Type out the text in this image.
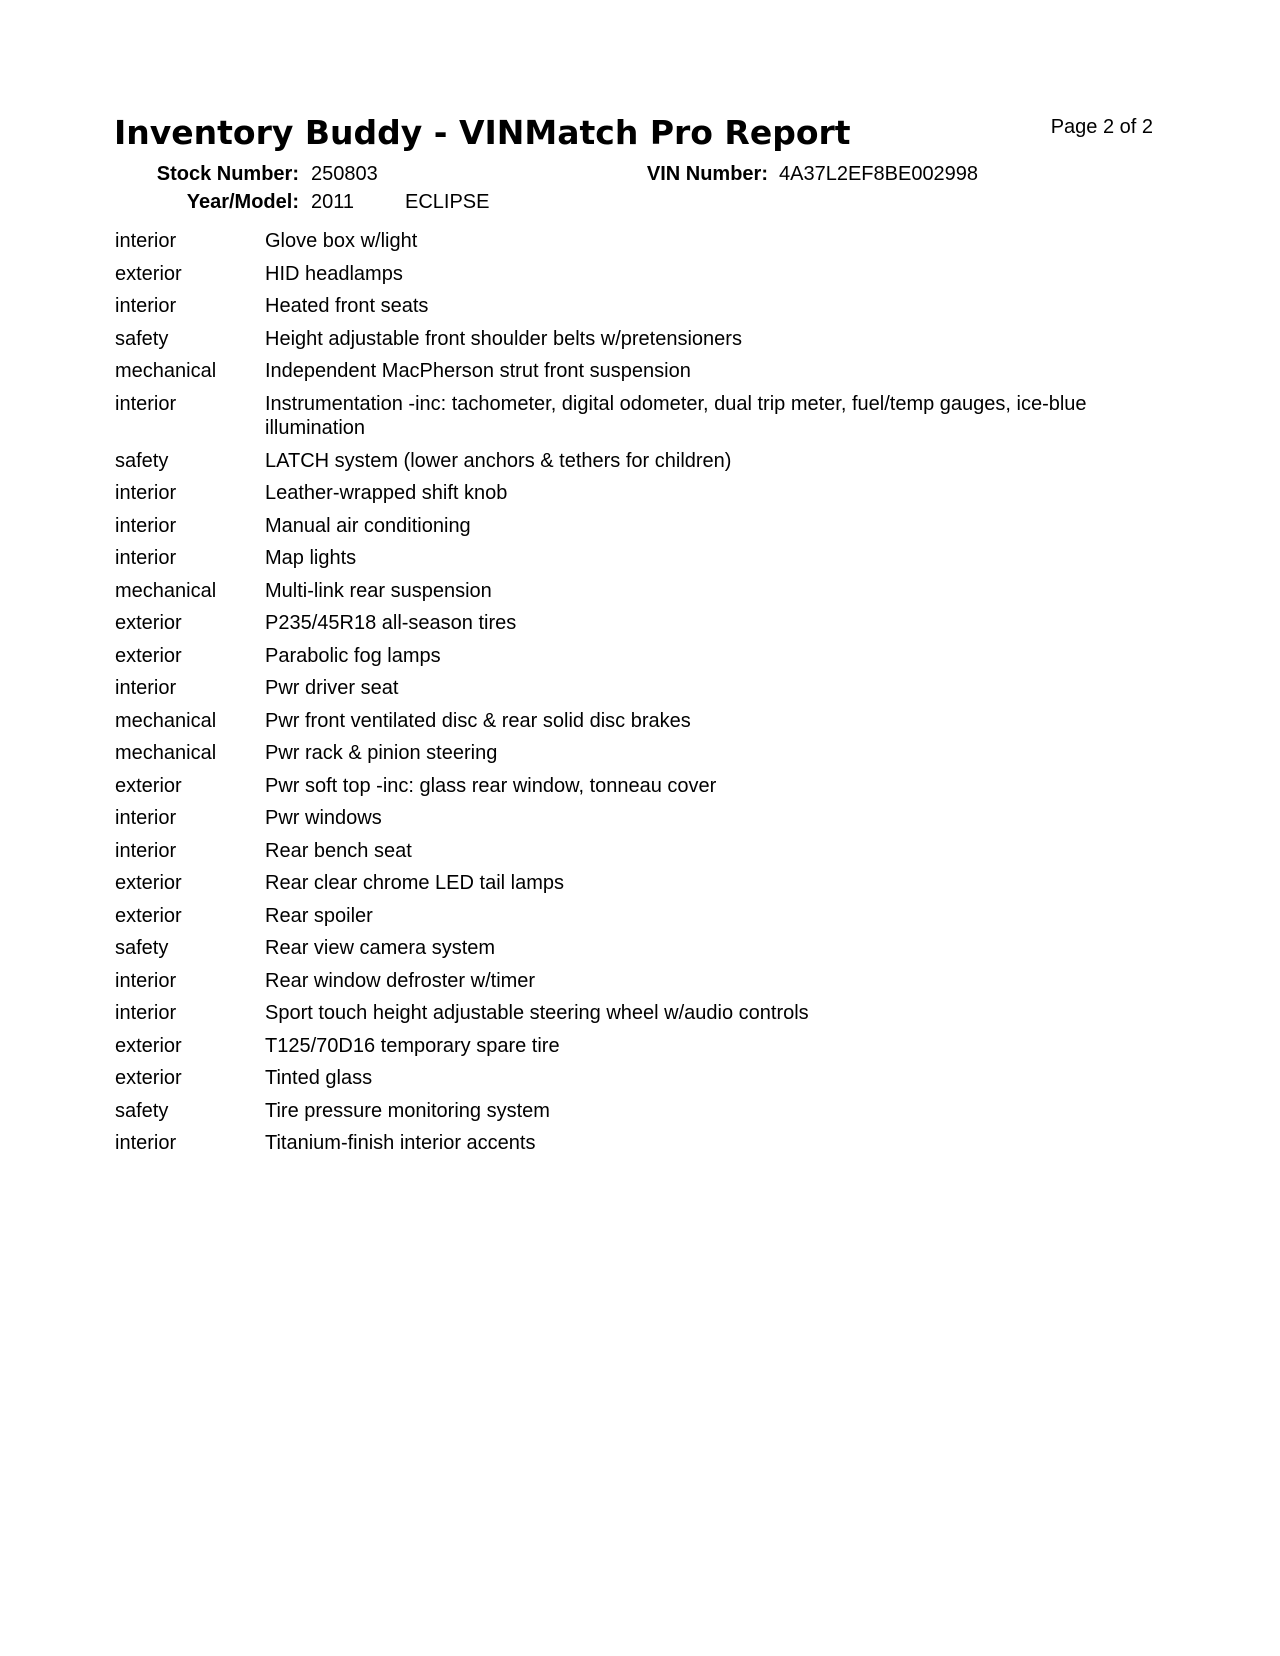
Inventory Buddy - VINMatch Pro Report	Page 2 of 2
Stock Number: 250803
Year/Model: 2011	ECLIPSE
VIN Number: 4A37L2EF8BE002998
interior	Glove box w/light
exterior	HID headlamps
interior	Heated front seats
safety	Height adjustable front shoulder belts w/pretensioners
mechanical	Independent MacPherson strut front suspension
interior	Instrumentation -inc: tachometer, digital odometer, dual trip meter, fuel/temp gauges, ice-blue illumination
safety	LATCH system (lower anchors & tethers for children)
interior	Leather-wrapped shift knob
interior	Manual air conditioning
interior	Map lights
mechanical	Multi-link rear suspension
exterior	P235/45R18 all-season tires
exterior	Parabolic fog lamps
interior	Pwr driver seat
mechanical	Pwr front ventilated disc & rear solid disc brakes
mechanical	Pwr rack & pinion steering
exterior	Pwr soft top -inc: glass rear window, tonneau cover
interior	Pwr windows
interior	Rear bench seat
exterior	Rear clear chrome LED tail lamps
exterior	Rear spoiler
safety	Rear view camera system
interior	Rear window defroster w/timer
interior	Sport touch height adjustable steering wheel w/audio controls
exterior	T125/70D16 temporary spare tire
exterior	Tinted glass
safety	Tire pressure monitoring system
interior	Titanium-finish interior accents
